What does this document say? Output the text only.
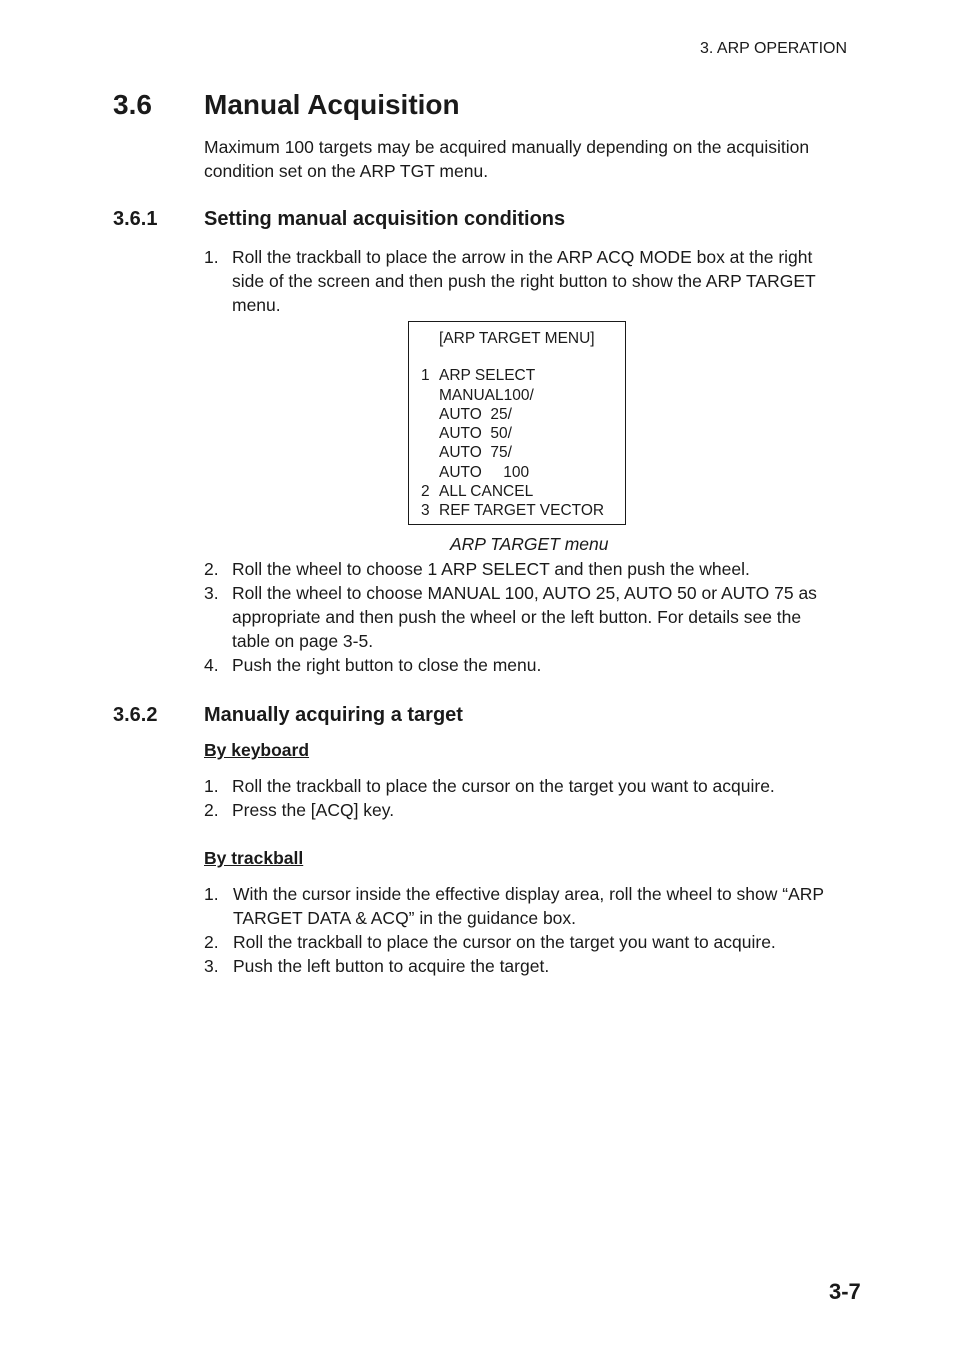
3. ARP OPERATION
3.6 Manual Acquisition
Maximum 100 targets may be acquired manually depending on the acquisition
condition set on the ARP TGT menu.
3.6.1 Setting manual acquisition conditions
1. Roll the trackball to place the arrow in the ARP ACQ MODE box at the right
side of the screen and then push the right button to show the ARP TARGET
menu.
[ARP TARGET MENU]
1 ARP SELECT
MANUAL100/
AUTO  25/
AUTO  50/
AUTO  75/
AUTO     100
2 ALL CANCEL
3 REF TARGET VECTOR
ARP TARGET menu
2. Roll the wheel to choose 1 ARP SELECT and then push the wheel.
3. Roll the wheel to choose MANUAL 100, AUTO 25, AUTO 50 or AUTO 75 as
appropriate and then push the wheel or the left button. For details see the
table on page 3-5.
4. Push the right button to close the menu.
3.6.2 Manually acquiring a target
By keyboard
1. Roll the trackball to place the cursor on the target you want to acquire.
2. Press the [ACQ] key.
By trackball
1. With the cursor inside the effective display area, roll the wheel to show “ARP
TARGET DATA & ACQ” in the guidance box.
2. Roll the trackball to place the cursor on the target you want to acquire.
3. Push the left button to acquire the target.
3-7
